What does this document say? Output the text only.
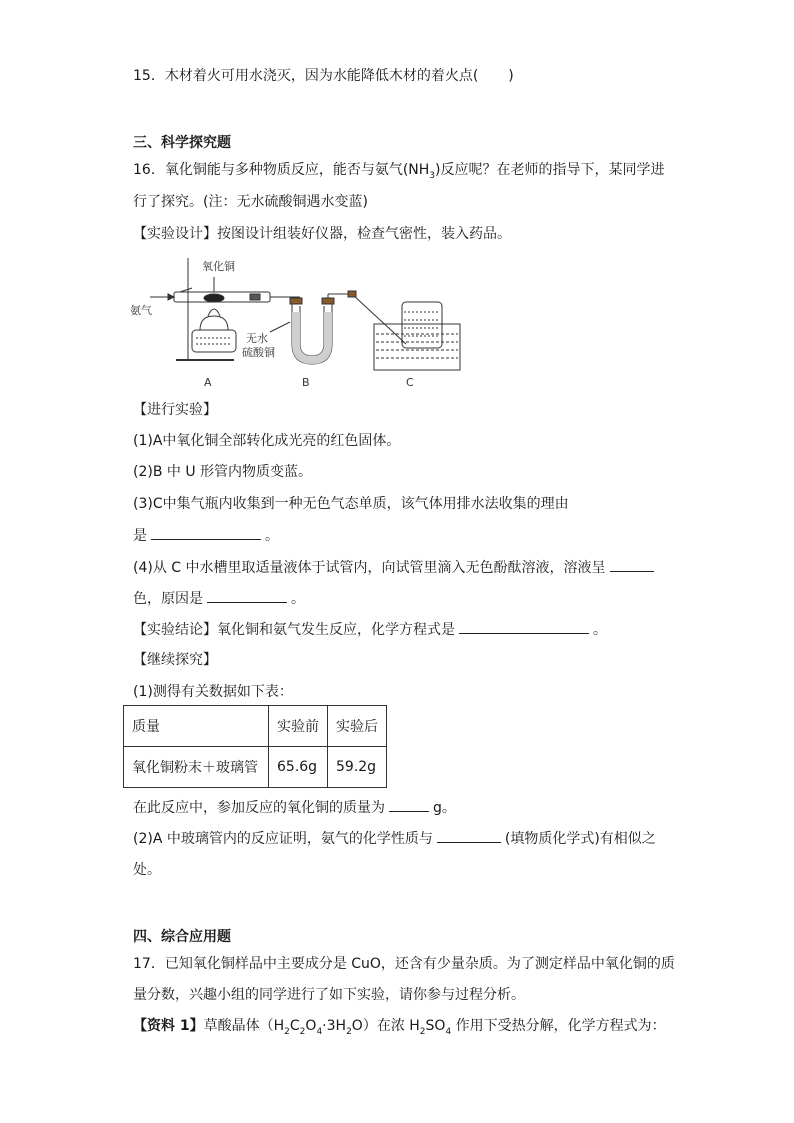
15．木材着火可用水浇灭，因为水能降低木材的着火点( )
三、科学探究题
16．氧化铜能与多种物质反应，能否与氨气$(NH_3)$反应呢？在老师的指导下，某同学进
行了探究。(注：无水硫酸铜遇水变蓝)
【实验设计】按图设计组装好仪器，检查气密性，装入药品。
氧化铜
氨气
无水
硫酸铜
A	B	C
【进行实验】
(1)A中氧化铜全部转化成光亮的红色固体。
(2)B 中 U 形管内物质变蓝。
(3)C中集气瓶内收集到一种无色气态单质，该气体用排水法收集的理由
是	。
(4)从 C 中水槽里取适量液体于试管内，向试管里滴入无色酚酞溶液，溶液呈
色，原因是	。
【实验结论】氧化铜和氨气发生反应，化学方程式是	。
【继续探究】
(1)测得有关数据如下表：
质量	实验前	实验后
氧化铜粉末＋玻璃管	65.6g	59.2g
在此反应中，参加反应的氧化铜的质量为	g。
(2)A 中玻璃管内的反应证明，氨气的化学性质与	(填物质化学式)有相似之
处。
四、综合应用题
17．已知氧化铜样品中主要成分是 CuO，还含有少量杂质。为了测定样品中氧化铜的质
量分数，兴趣小组的同学进行了如下实验，请你参与过程分析。
【资料 1】草酸晶体$(H_2C_2O_4\cdot 3H_2O)$在浓 $H_2SO_4$ 作用下受热分解，化学方程式为：
